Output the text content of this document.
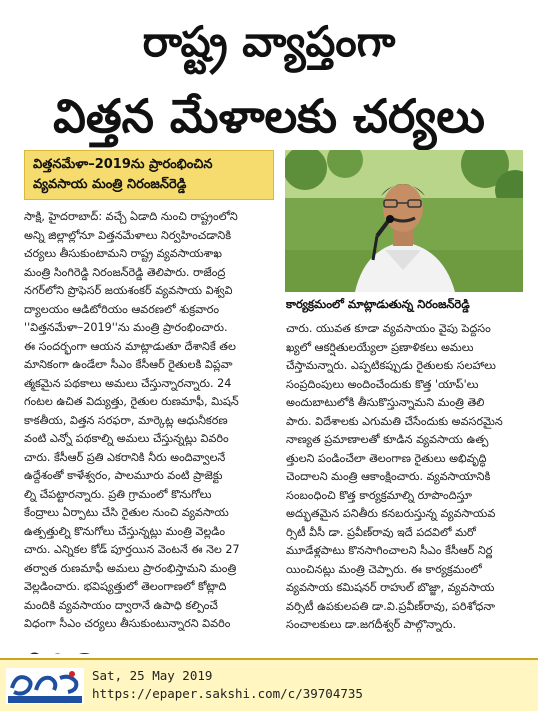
రాష్ట్ర వ్యాప్తంగా
విత్తన మేళాలకు చర్యలు
విత్తనమేళా–2019ను ప్రారంభించిన
వ్యవసాయ మంత్రి నిరంజన్‌రెడ్డి
సాక్షి, హైదరాబాద్: వచ్చే ఏడాది నుంచి రాష్ట్రంలోని
అన్ని జిల్లాల్లోనూ విత్తనమేళాలు నిర్వహించడానికి
చర్యలు తీసుకుంటామని రాష్ట్ర వ్యవసాయశాఖ
మంత్రి సింగిరెడ్డి నిరంజన్‌రెడ్డి తెలిపారు. రాజేంద్ర
నగర్‌లోని ప్రొఫెసర్ జయశంకర్ వ్యవసాయ విశ్వవి
ద్యాలయం ఆడిటోరియం ఆవరణలో శుక్రవారం
''విత్తనమేళా–2019''ను మంత్రి ప్రారంభించారు.
ఈ సందర్భంగా ఆయన మాట్లాడుతూ దేశానికే తల
మానికంగా ఉండేలా సీఎం కేసీఆర్ రైతులకి విప్లవా
త్మకమైన పథకాలు అమలు చేస్తున్నారన్నారు. 24
గంటల ఉచిత విద్యుత్తు, రైతుల రుణమాఫీ, మిషన్
కాకతీయ, విత్తన సరఫరా, మార్కెట్ల ఆధునీకరణ
వంటి ఎన్నో పథకాల్ని అమలు చేస్తున్నట్లు వివరిం
చారు. కేసీఆర్ ప్రతి ఎకరానికి నీరు అందివ్వాలనే
ఉద్దేశంతో కాళేశ్వరం, పాలమూరు వంటి ప్రాజెక్టు
ల్ని చేపట్టారన్నారు. ప్రతి గ్రామంలో కొనుగోలు
కేంద్రాలు ఏర్పాటు చేసి రైతుల నుంచి వ్యవసాయ
ఉత్పత్తుల్ని కొనుగోలు చేస్తున్నట్లు మంత్రి వెల్లడిం
చారు. ఎన్నికల కోడ్ పూర్తయిన వెంటనే ఈ నెల 27
తర్వాత రుణమాఫీ అమలు ప్రారంభిస్తామని మంత్రి
వెల్లడించారు. భవిష్యత్తులో తెలంగాణలో కోట్లాది
మందికి వ్యవసాయం ద్వారానే ఉపాధి కల్పించే
విధంగా సీఎం చర్యలు తీసుకుంటున్నారని వివరిం
కార్యక్రమంలో మాట్లాడుతున్న నిరంజన్‌రెడ్డి
చారు. యువత కూడా వ్యవసాయం వైపు పెద్దసం
ఖ్యలో ఆకర్షితులయ్యేలా ప్రణాళికలు అమలు
చేస్తామన్నారు. ఎప్పటికప్పుడు రైతులకు సలహాలు
సంప్రదింపులు అందించేందుకు కొత్త 'యాప్'లు
అందుబాటులోకి తీసుకొస్తున్నామని మంత్రి తెలి
పారు. విదేశాలకు ఎగుమతి చేసేందుకు అవసరమైన
నాణ్యత ప్రమాణాలతో కూడిన వ్యవసాయ ఉత్ప
త్తులని పండించేలా తెలంగాణ రైతులు అభివృద్ధి
చెందాలని మంత్రి ఆకాంక్షించారు. వ్యవసాయానికి
సంబంధించి కొత్త కార్యక్రమాల్ని రూపొందిస్తూ
అద్భుతమైన పనితీరు కనబరుస్తున్న వ్యవసాయవ
ర్సిటీ వీసీ డా. ప్రవీణ్‌రావు ఇదే పదవిలో మరో
మూడేళ్లపాటు కొనసాగించాలని సీఎం కేసీఆర్ నిర్ణ
యించినట్లు మంత్రి చెప్పారు. ఈ కార్యక్రమంలో
వ్యవసాయ కమిషనర్ రాహుల్ బొజ్జా, వ్యవసాయ
వర్సిటీ ఉపకులపతి డా.వి.ప్రవీణ్‌రావు, పరిశోధనా
సంచాలకులు డా.జగదీశ్వర్ పాల్గొన్నారు.
Sat, 25 May 2019
https://epaper.sakshi.com/c/39704735
